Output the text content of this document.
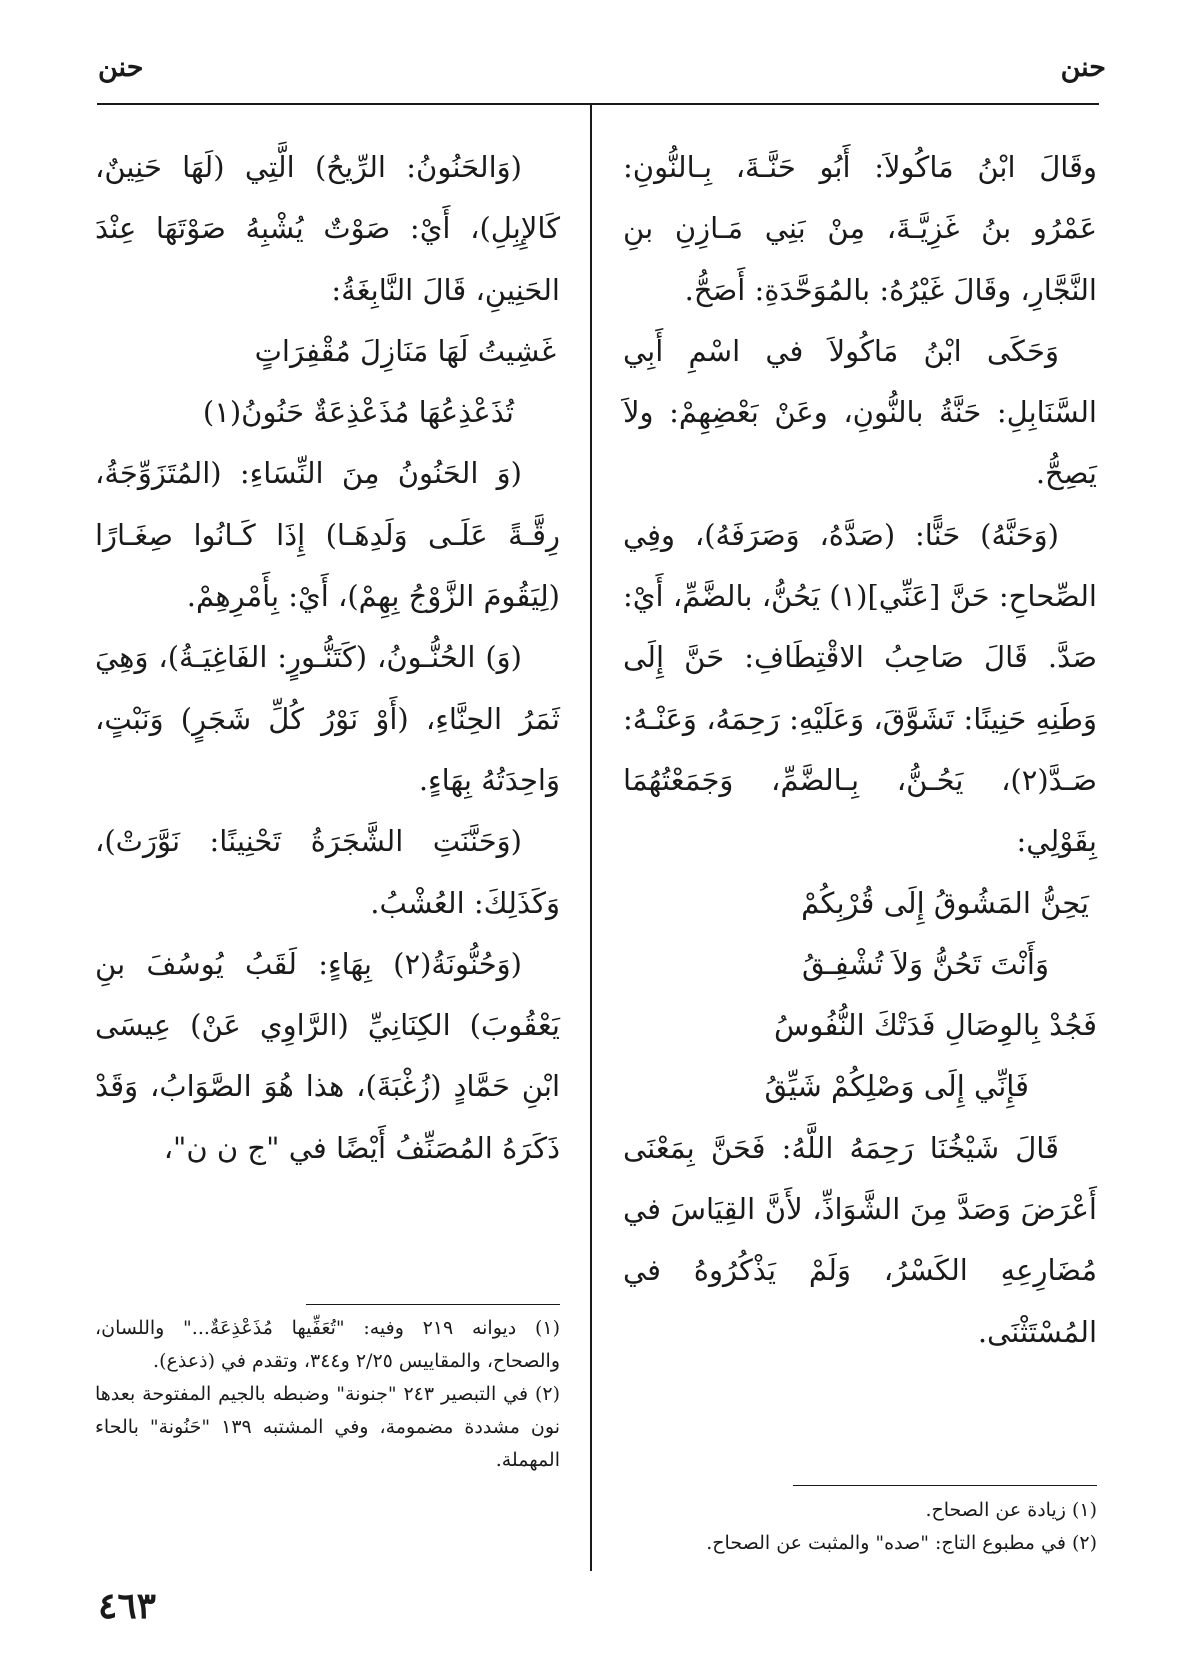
حنن
حنن

وقَالَ ابْنُ مَاكُولاَ: أَبُو حَنَّـةَ، بِـالنُّونِ: عَمْرُو بنُ غَزِيَّـةَ، مِنْ بَنِي مَـازِنِ بنِ النَّجَّارِ، وقَالَ غَيْرُهُ: بالمُوَحَّدَةِ: أَصَحُّ.

وَحَكَى ابْنُ مَاكُولاَ في اسْمِ أَبِي السَّنَابِلِ: حَنَّةُ بالنُّونِ، وعَنْ بَعْضِهِمْ: ولاَ يَصِحُّ.

(وَحَنَّهُ) حَنًّا: (صَدَّهُ، وَصَرَفَهُ)، وفِي الصِّحاحِ: حَنَّ [عَنِّي](١) يَحُنُّ، بالضَّمِّ، أَيْ: صَدَّ. قَالَ صَاحِبُ الاقْتِطَافِ: حَنَّ إِلَى وَطَنِهِ حَنِينًا: تَشَوَّقَ، وَعَلَيْهِ: رَحِمَهُ، وَعَنْـهُ: صَـدَّ(٢)، يَحُـنُّ، بِـالضَّمِّ، وَجَمَعْتُهُمَا بِقَوْلِي:

يَحِنُّ المَشُوقُ إِلَى قُرْبِكُمْ

وَأَنْتَ تَحُنُّ وَلاَ تُشْفِـقُ

فَجُدْ بِالوِصَالِ فَدَتْكَ النُّفُوسُ

فَإِنِّي إِلَى وَصْلِكُمْ شَيِّقُ

قَالَ شَيْخُنَا رَحِمَهُ اللَّهُ: فَحَنَّ بِمَعْنَى أَعْرَضَ وَصَدَّ مِنَ الشَّوَاذِّ، لأَنَّ القِيَاسَ في مُضَارِعِهِ الكَسْرُ، وَلَمْ يَذْكُرُوهُ في المُسْتَثْنَى.

(وَالحَنُونُ: الرِّيحُ) الَّتِي (لَهَا حَنِينٌ، كَالإِبِلِ)، أَيْ: صَوْتٌ يُشْبِهُ صَوْتَهَا عِنْدَ الحَنِينِ، قَالَ النَّابِغَةُ:

غَشِيتُ لَهَا مَنَازِلَ مُقْفِرَاتٍ

تُذَعْذِعُهَا مُذَعْذِعَةٌ حَنُونُ(١)

(وَ الحَنُونُ مِنَ النِّسَاءِ: (المُتَزَوِّجَةُ، رِقَّـةً عَلَـى وَلَدِهَـا) إِذَا كَـانُوا صِغَـارًا (لِيَقُومَ الزَّوْجُ بِهِمْ)، أَيْ: بِأَمْرِهِمْ.

(وَ) الحُنُّـونُ، (كَتَنُّـورٍ: الفَاغِيَـةُ)، وَهِيَ ثَمَرُ الحِنَّاءِ، (أَوْ نَوْرُ كُلِّ شَجَرٍ) وَنَبْتٍ، وَاحِدَتُهُ بِهَاءٍ.

(وَحَنَّنَتِ الشَّجَرَةُ تَحْنِينًا: نَوَّرَتْ)، وَكَذَلِكَ: العُشْبُ.

(وَحُنُّونَةُ(٢) بِهَاءٍ: لَقَبُ يُوسُفَ بنِ يَعْقُوبَ) الكِنَانِيِّ (الرَّاوِي عَنْ) عِيسَى ابْنِ حَمَّادٍ (زُغْبَةَ)، هذا هُوَ الصَّوَابُ، وَقَدْ ذَكَرَهُ المُصَنِّفُ أَيْضًا في "ج ن ن"،

(١) ديوانه ٢١٩ وفيه: "تُعَفِّيها مُذَعْذِعَةٌ..." واللسان، والصحاح، والمقاييس ٢/٢٥ و٣٤٤، وتقدم في (ذعذع).

(٢) في التبصير ٢٤٣ "جنونة" وضبطه بالجيم المفتوحة بعدها نون مشددة مضمومة، وفي المشتبه ١٣٩ "حَنُونة" بالحاء المهملة.

(١) زيادة عن الصحاح.

(٢) في مطبوع التاج: "صده" والمثبت عن الصحاح.

٤٦٣
